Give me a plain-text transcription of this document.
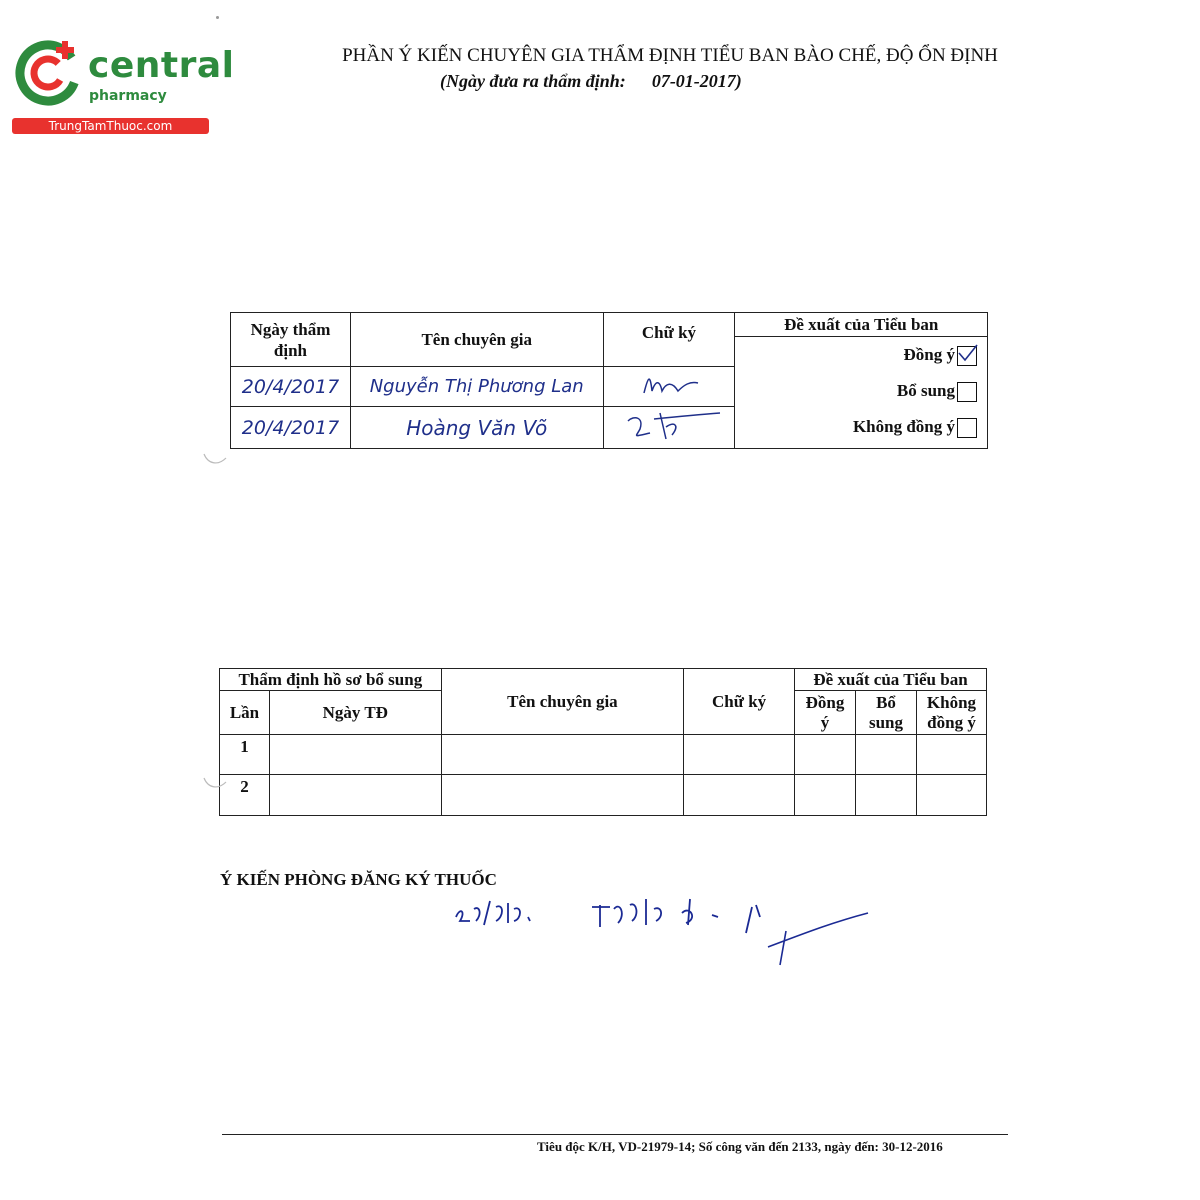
central
pharmacy
TrungTamThuoc.com
PHẦN Ý KIẾN CHUYÊN GIA THẨM ĐỊNH TIỂU BAN BÀO CHẾ, ĐỘ ỔN ĐỊNH
(Ngày đưa ra thẩm định: 07-01-2017)
Ngày thẩm định	Tên chuyên gia	Chữ ký	Đề xuất của Tiểu ban

			Đồng ý
Bổ sung
Không đồng ý

20/4/2017	Nguyễn Thị Phương Lan	
20/4/2017	Hoàng Văn Võ	
Thẩm định hồ sơ bổ sung		Tên chuyên gia	Chữ ký	Đề xuất của Tiểu ban		
Lần	Ngày TĐ			Đồng ý	Bổ sung	Không đồng ý
1						
2						
Ý KIẾN PHÒNG ĐĂNG KÝ THUỐC
Tiêu độc K/H, VD-21979-14; Số công văn đến 2133, ngày đến: 30-12-2016
